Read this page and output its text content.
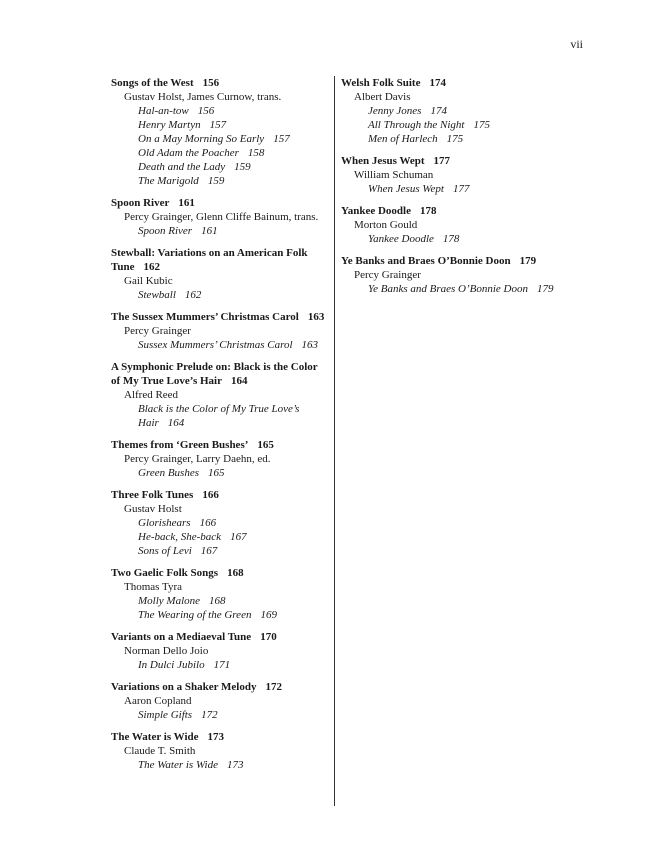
vii
Songs of the West 156
Gustav Holst, James Curnow, trans.
Hal-an-tow 156
Henry Martyn 157
On a May Morning So Early 157
Old Adam the Poacher 158
Death and the Lady 159
The Marigold 159
Spoon River 161
Percy Grainger, Glenn Cliffe Bainum, trans.
Spoon River 161
Stewball: Variations on an American Folk Tune 162
Gail Kubic
Stewball 162
The Sussex Mummers’ Christmas Carol 163
Percy Grainger
Sussex Mummers’ Christmas Carol 163
A Symphonic Prelude on: Black is the Color of My True Love’s Hair 164
Alfred Reed
Black is the Color of My True Love’s Hair 164
Themes from ‘Green Bushes’ 165
Percy Grainger, Larry Daehn, ed.
Green Bushes 165
Three Folk Tunes 166
Gustav Holst
Glorishears 166
He-back, She-back 167
Sons of Levi 167
Two Gaelic Folk Songs 168
Thomas Tyra
Molly Malone 168
The Wearing of the Green 169
Variants on a Mediaeval Tune 170
Norman Dello Joio
In Dulci Jubilo 171
Variations on a Shaker Melody 172
Aaron Copland
Simple Gifts 172
The Water is Wide 173
Claude T. Smith
The Water is Wide 173
Welsh Folk Suite 174
Albert Davis
Jenny Jones 174
All Through the Night 175
Men of Harlech 175
When Jesus Wept 177
William Schuman
When Jesus Wept 177
Yankee Doodle 178
Morton Gould
Yankee Doodle 178
Ye Banks and Braes O’Bonnie Doon 179
Percy Grainger
Ye Banks and Braes O’Bonnie Doon 179
